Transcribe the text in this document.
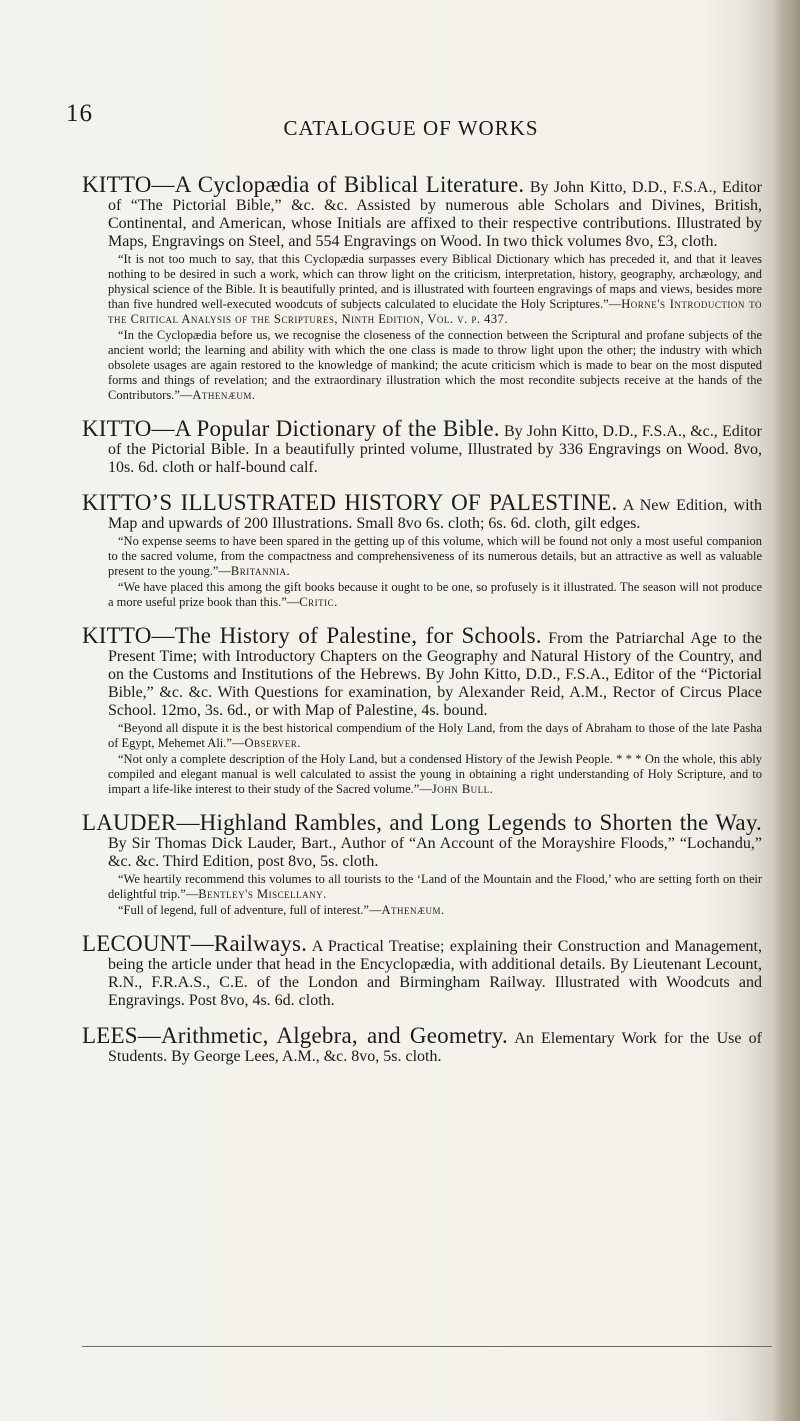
16
CATALOGUE OF WORKS

KITTO—A Cyclopædia of Biblical Literature. By John Kitto, D.D., F.S.A., Editor of “The Pictorial Bible,” &c. &c. Assisted by numerous able Scholars and Divines, British, Continental, and American, whose Initials are affixed to their respective contributions. Illustrated by Maps, Engravings on Steel, and 554 Engravings on Wood. In two thick volumes 8vo, £3, cloth.

“It is not too much to say, that this Cyclopædia surpasses every Biblical Dictionary which has preceded it, and that it leaves nothing to be desired in such a work, which can throw light on the criticism, interpretation, history, geography, archæology, and physical science of the Bible. It is beautifully printed, and is illustrated with fourteen engravings of maps and views, besides more than five hundred well-executed woodcuts of subjects calculated to elucidate the Holy Scriptures.”—Horne's Introduction to the Critical Analysis of the Scriptures, Ninth Edition, Vol. v. p. 437.

“In the Cyclopædia before us, we recognise the closeness of the connection between the Scriptural and profane subjects of the ancient world; the learning and ability with which the one class is made to throw light upon the other; the industry with which obsolete usages are again restored to the knowledge of mankind; the acute criticism which is made to bear on the most disputed forms and things of revelation; and the extraordinary illustration which the most recondite subjects receive at the hands of the Contributors.”—Athenæum.

KITTO—A Popular Dictionary of the Bible. By John Kitto, D.D., F.S.A., &c., Editor of the Pictorial Bible. In a beautifully printed volume, Illustrated by 336 Engravings on Wood. 8vo, 10s. 6d. cloth or half-bound calf.

KITTO’S ILLUSTRATED HISTORY OF PALESTINE. A New Edition, with Map and upwards of 200 Illustrations. Small 8vo 6s. cloth; 6s. 6d. cloth, gilt edges.

“No expense seems to have been spared in the getting up of this volume, which will be found not only a most useful companion to the sacred volume, from the compactness and comprehensiveness of its numerous details, but an attractive as well as valuable present to the young.”—Britannia.

“We have placed this among the gift books because it ought to be one, so profusely is it illustrated. The season will not produce a more useful prize book than this.”—Critic.

KITTO—The History of Palestine, for Schools. From the Patriarchal Age to the Present Time; with Introductory Chapters on the Geography and Natural History of the Country, and on the Customs and Institutions of the Hebrews. By John Kitto, D.D., F.S.A., Editor of the “Pictorial Bible,” &c. &c. With Questions for examination, by Alexander Reid, A.M., Rector of Circus Place School. 12mo, 3s. 6d., or with Map of Palestine, 4s. bound.

“Beyond all dispute it is the best historical compendium of the Holy Land, from the days of Abraham to those of the late Pasha of Egypt, Mehemet Ali.”—Observer.

“Not only a complete description of the Holy Land, but a condensed History of the Jewish People. * * * On the whole, this ably compiled and elegant manual is well calculated to assist the young in obtaining a right understanding of Holy Scripture, and to impart a life-like interest to their study of the Sacred volume.”—John Bull.

LAUDER—Highland Rambles, and Long Legends to Shorten the Way. By Sir Thomas Dick Lauder, Bart., Author of “An Account of the Morayshire Floods,” “Lochandu,” &c. &c. Third Edition, post 8vo, 5s. cloth.

“We heartily recommend this volumes to all tourists to the ‘Land of the Mountain and the Flood,’ who are setting forth on their delightful trip.”—Bentley's Miscellany.

“Full of legend, full of adventure, full of interest.”—Athenæum.

LECOUNT—Railways. A Practical Treatise; explaining their Construction and Management, being the article under that head in the Encyclopædia, with additional details. By Lieutenant Lecount, R.N., F.R.A.S., C.E. of the London and Birmingham Railway. Illustrated with Woodcuts and Engravings. Post 8vo, 4s. 6d. cloth.

LEES—Arithmetic, Algebra, and Geometry. An Elementary Work for the Use of Students. By George Lees, A.M., &c. 8vo, 5s. cloth.
